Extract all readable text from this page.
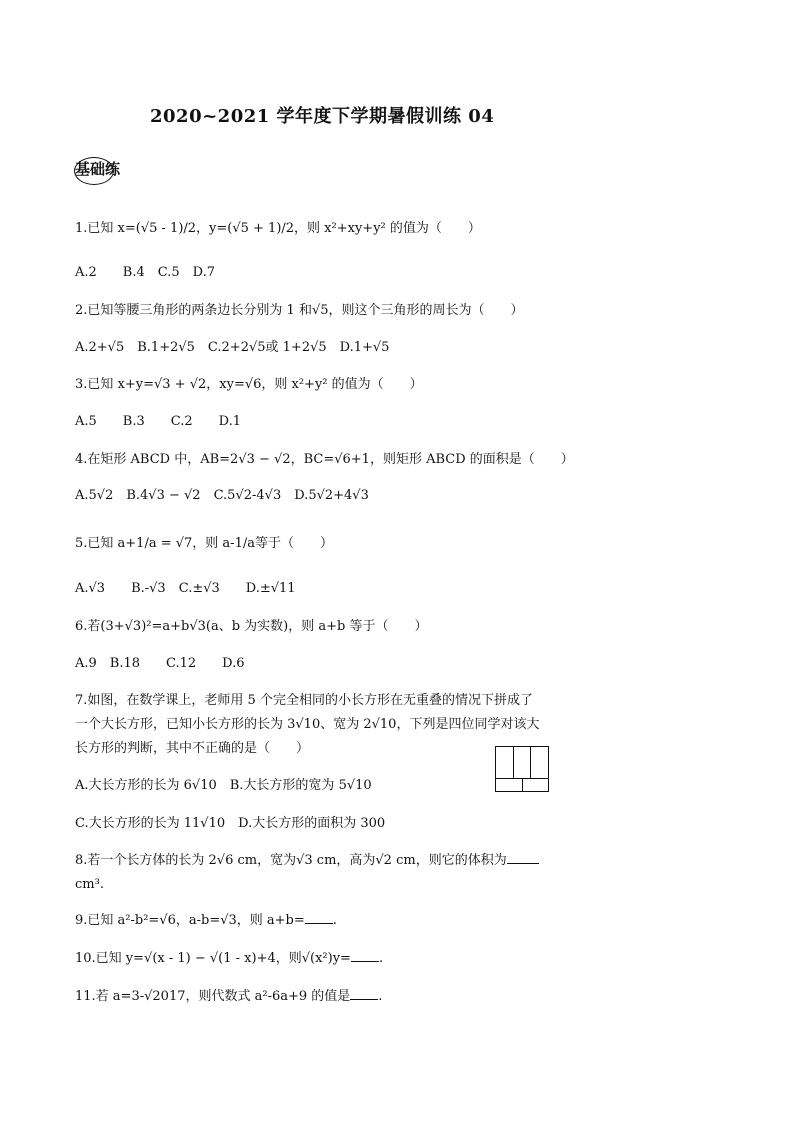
2020~2021 学年度下学期暑假训练 04
基础练
1.已知 x=(√5 - 1)/2，y=(√5 + 1)/2，则 x²+xy+y² 的值为（　　）
A.2　　B.4　C.5　D.7
2.已知等腰三角形的两条边长分别为 1 和√5，则这个三角形的周长为（　　）
A.2+√5　B.1+2√5　C.2+2√5或 1+2√5　D.1+√5
3.已知 x+y=√3 + √2，xy=√6，则 x²+y² 的值为（　　）
A.5　　B.3　　C.2　　D.1
4.在矩形 ABCD 中，AB=2√3 − √2，BC=√6+1，则矩形 ABCD 的面积是（　　）
A.5√2　B.4√3 − √2　C.5√2-4√3　D.5√2+4√3
5.已知 a+1/a = √7，则 a-1/a等于（　　）
A.√3　　B.-√3　C.±√3　　D.±√11
6.若(3+√3)²=a+b√3(a、b 为实数)，则 a+b 等于（　　）
A.9　B.18　　C.12　　D.6
7.如图，在数学课上，老师用 5 个完全相同的小长方形在无重叠的情况下拼成了
一个大长方形，已知小长方形的长为 3√10、宽为 2√10，下列是四位同学对该大
长方形的判断，其中不正确的是（　　）
A.大长方形的长为 6√10　B.大长方形的宽为 5√10
C.大长方形的长为 11√10　D.大长方形的面积为 300
8.若一个长方体的长为 2√6 cm，宽为√3 cm，高为√2 cm，则它的体积为
cm³.
9.已知 a²-b²=√6，a-b=√3，则 a+b= .
10.已知 y=√(x - 1) − √(1 - x)+4，则√(x²)y= .
11.若 a=3-√2017，则代数式 a²-6a+9 的值是 .
